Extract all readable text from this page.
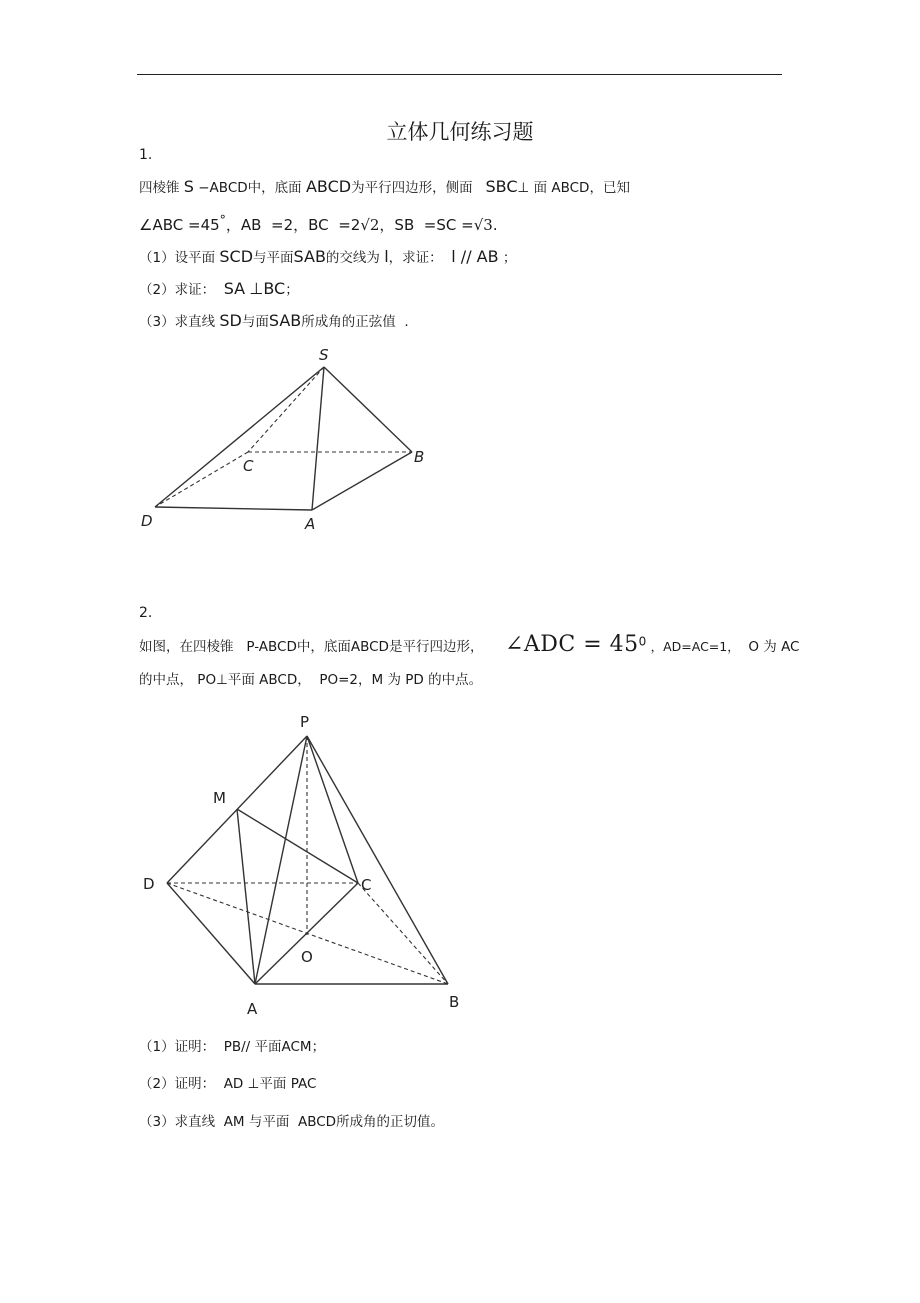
立体几何练习题
1.
四棱锥 S −ABCD中，底面 ABCD为平行四边形，侧面 SBC⊥ 面 ABCD，已知
∠ABC =45°，AB =2，BC =2√2，SB =SC =√3.
（1）设平面 SCD与平面SAB的交线为 l，求证： l // AB ；
（2）求证： SA ⊥BC；
（3）求直线 SD与面SAB所成角的正弦值 .
S
C	B
D	A
2.
如图，在四棱锥 P-ABCD中，底面ABCD是平行四边形， ∠ADC = $45^0$ ，AD=AC=1， O 为 AC
的中点， PO⊥平面 ABCD， PO=2，M 为 PD 的中点。
P
M
D	C
O
A	B
（1）证明： PB// 平面ACM；
（2）证明： AD ⊥平面 PAC
（3）求直线 AM 与平面 ABCD所成角的正切值。
